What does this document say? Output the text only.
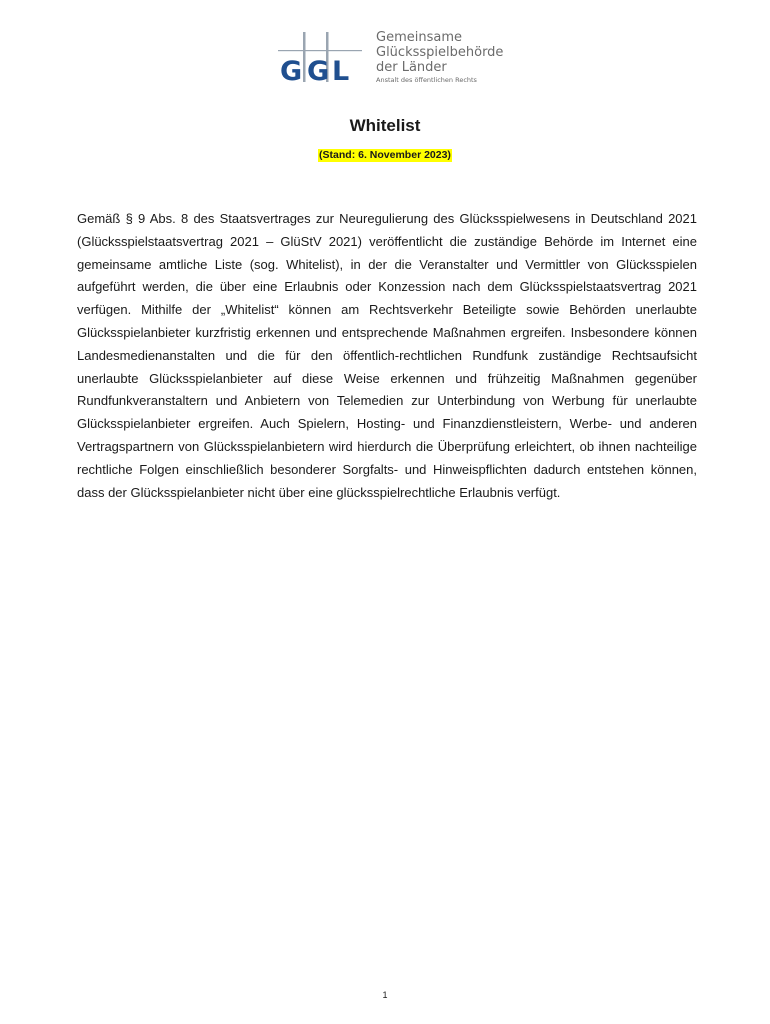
G G L
Gemeinsame
Glücksspielbehörde
der Länder
Anstalt des öffentlichen Rechts
Whitelist
(Stand: 6. November 2023)

Gemäß § 9 Abs. 8 des Staatsvertrages zur Neuregulierung des Glücksspielwesens in Deutschland 2021 (Glücksspielstaatsvertrag 2021 – GlüStV 2021) veröffentlicht die zuständige Behörde im Internet eine gemeinsame amtliche Liste (sog. Whitelist), in der die Veranstalter und Vermittler von Glücksspielen aufgeführt werden, die über eine Erlaubnis oder Konzession nach dem Glücksspielstaatsvertrag 2021 verfügen. Mithilfe der „Whitelist“ können am Rechtsverkehr Beteiligte sowie Behörden unerlaubte Glücksspielanbieter kurzfristig erkennen und entsprechende Maßnahmen ergreifen. Insbesondere können Landesmedienanstalten und die für den öffentlich-rechtlichen Rundfunk zuständige Rechtsaufsicht unerlaubte Glücksspielanbieter auf diese Weise erkennen und frühzeitig Maßnahmen gegenüber Rundfunkveranstaltern und Anbietern von Telemedien zur Unterbindung von Werbung für unerlaubte Glücksspielanbieter ergreifen. Auch Spielern, Hosting- und Finanzdienstleistern, Werbe- und anderen Vertragspartnern von Glücksspielanbietern wird hierdurch die Überprüfung erleichtert, ob ihnen nachteilige rechtliche Folgen einschließlich besonderer Sorgfalts- und Hinweispflichten dadurch entstehen können, dass der Glücksspielanbieter nicht über eine glücksspielrechtliche Erlaubnis verfügt.

1
